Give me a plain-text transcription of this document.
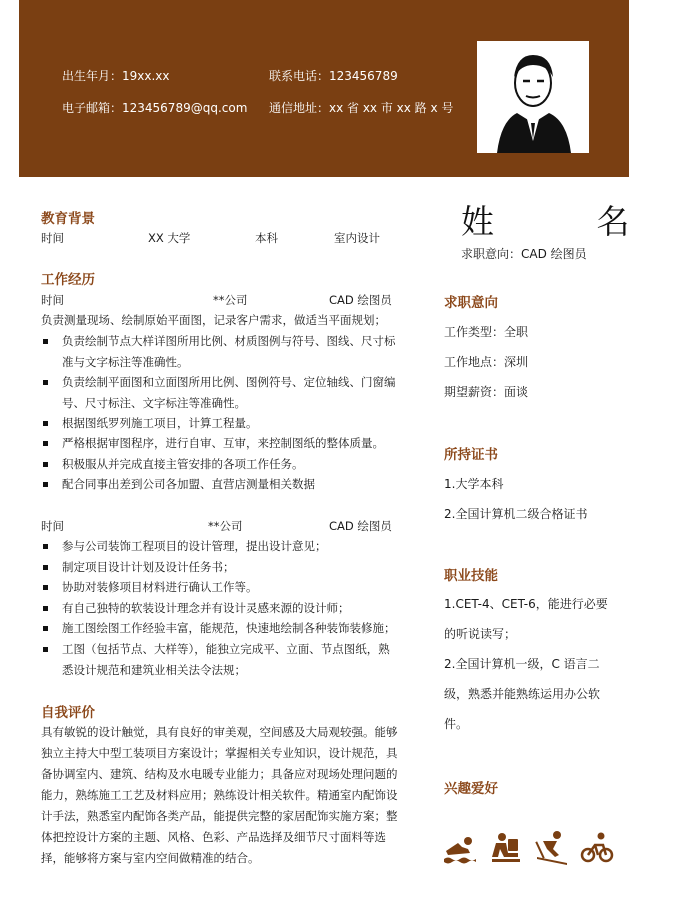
出生年月：19xx.xx	联系电话：123456789
电子邮箱：123456789@qq.com 通信地址：xx 省 xx 市 xx 路 x 号
教育背景
时间	XX 大学	本科	室内设计
工作经历
时间	**公司	CAD 绘图员
负责测量现场、绘制原始平面图，记录客户需求，做适当平面规划；
负责绘制节点大样详图所用比例、材质图例与符号、图线、尺寸标准与文字标注等准确性。
负责绘制平面图和立面图所用比例、图例符号、定位轴线、门窗编号、尺寸标注、文字标注等准确性。
根据图纸罗列施工项目，计算工程量。
严格根据审图程序，进行自审、互审，来控制图纸的整体质量。
积极服从并完成直接主管安排的各项工作任务。
配合同事出差到公司各加盟、直营店测量相关数据
时间	**公司	CAD 绘图员
参与公司装饰工程项目的设计管理，提出设计意见；
制定项目设计计划及设计任务书；
协助对装修项目材料进行确认工作等。
有自己独特的软装设计理念并有设计灵感来源的设计师；
施工图绘图工作经验丰富，能规范，快速地绘制各种装饰装修施；
工图（包括节点、大样等），能独立完成平、立面、节点图纸，熟悉设计规范和建筑业相关法令法规；
自我评价
具有敏锐的设计触觉，具有良好的审美观，空间感及大局观较强。能够独立主持大中型工装项目方案设计；掌握相关专业知识，设计规范，具备协调室内、建筑、结构及水电暖专业能力；具备应对现场处理问题的能力，熟练施工工艺及材料应用；熟练设计相关软件。精通室内配饰设计手法，熟悉室内配饰各类产品，能提供完整的家居配饰实施方案；整体把控设计方案的主题、风格、色彩、产品选择及细节尺寸面料等选择，能够将方案与室内空间做精准的结合。
姓 名
求职意向：CAD 绘图员
求职意向
工作类型：全职
工作地点：深圳
期望薪资：面谈
所持证书
1.大学本科
2.全国计算机二级合格证书
职业技能
1.CET-4、CET-6，能进行必要的听说读写；
2.全国计算机一级，C 语言二级，熟悉并能熟练运用办公软件。
兴趣爱好
